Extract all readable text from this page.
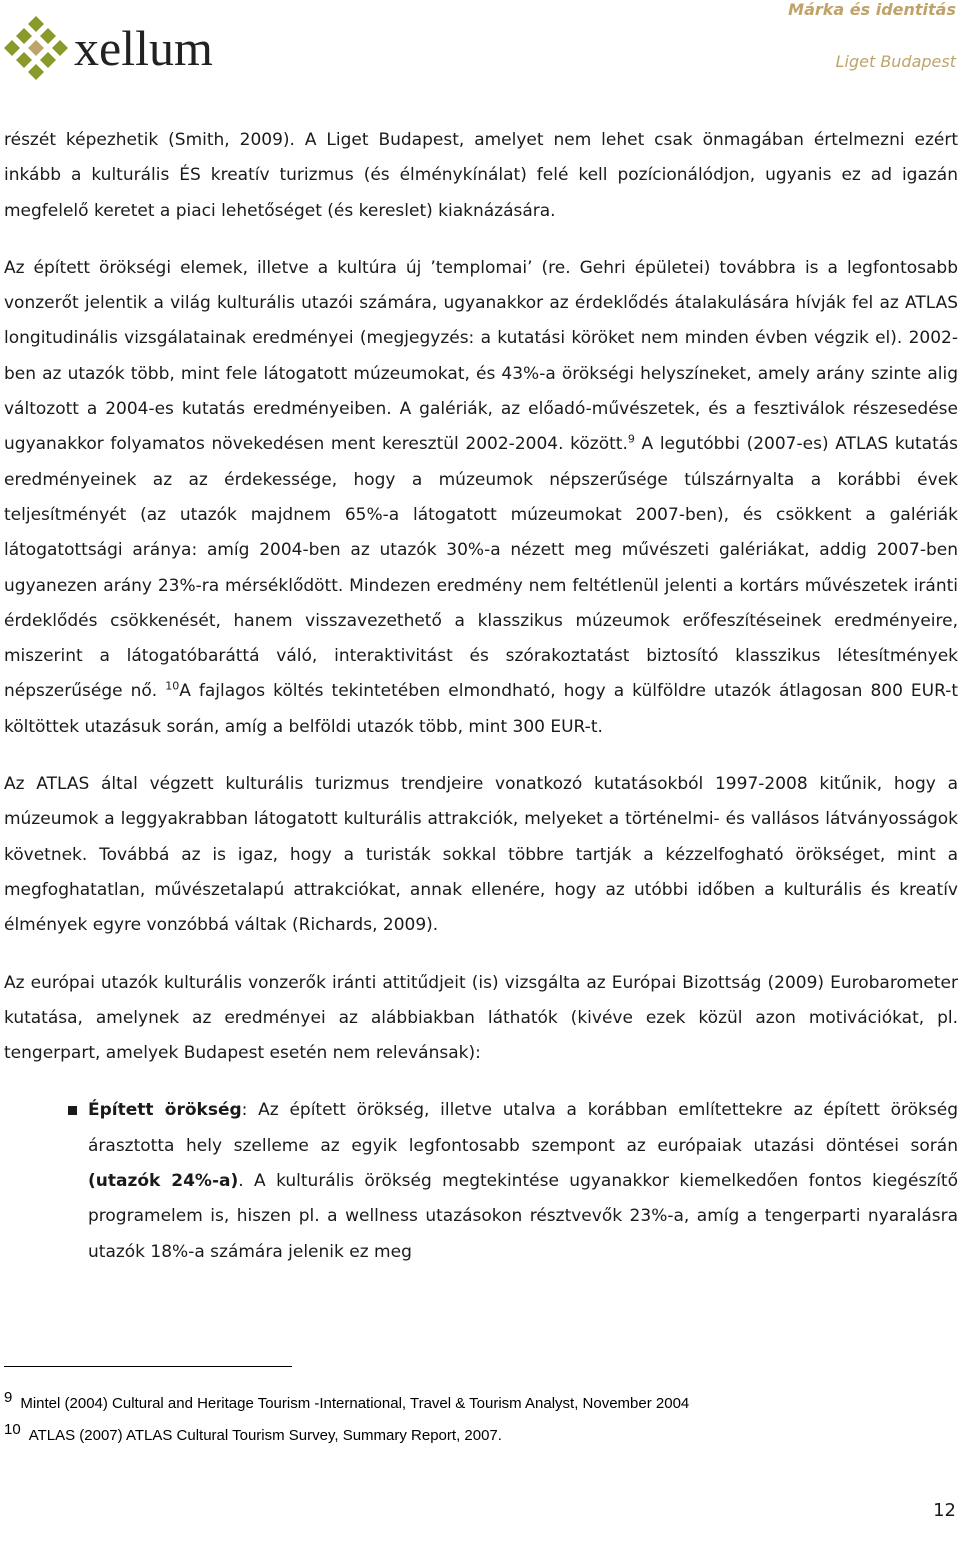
xellum
Márka és identitás
Liget Budapest

részét képezhetik (Smith, 2009). A Liget Budapest, amelyet nem lehet csak önmagában értelmezni ezért inkább a kulturális ÉS kreatív turizmus (és élménykínálat) felé kell pozícionálódjon, ugyanis ez ad igazán megfelelő keretet a piaci lehetőséget (és kereslet) kiaknázására.

Az épített örökségi elemek, illetve a kultúra új ’templomai’ (re. Gehri épületei) továbbra is a legfontosabb vonzerőt jelentik a világ kulturális utazói számára, ugyanakkor az érdeklődés átalakulására hívják fel az ATLAS longitudinális vizsgálatainak eredményei (megjegyzés: a kutatási köröket nem minden évben végzik el). 2002-ben az utazók több, mint fele látogatott múzeumokat, és 43%-a örökségi helyszíneket, amely arány szinte alig változott a 2004-es kutatás eredményeiben. A galériák, az előadó-művészetek, és a fesztiválok részesedése ugyanakkor folyamatos növekedésen ment keresztül 2002-2004. között.$^9$ A legutóbbi (2007-es) ATLAS kutatás eredményeinek az az érdekessége, hogy a múzeumok népszerűsége túlszárnyalta a korábbi évek teljesítményét (az utazók majdnem 65%-a látogatott múzeumokat 2007-ben), és csökkent a galériák látogatottsági aránya: amíg 2004-ben az utazók 30%-a nézett meg művészeti galériákat, addig 2007-ben ugyanezen arány 23%-ra mérséklődött. Mindezen eredmény nem feltétlenül jelenti a kortárs művészetek iránti érdeklődés csökkenését, hanem visszavezethető a klasszikus múzeumok erőfeszítéseinek eredményeire, miszerint a látogatóbaráttá váló, interaktivitást és szórakoztatást biztosító klasszikus létesítmények népszerűsége nő. $^{10}$A fajlagos költés tekintetében elmondható, hogy a külföldre utazók átlagosan 800 EUR-t költöttek utazásuk során, amíg a belföldi utazók több, mint 300 EUR-t.

Az ATLAS által végzett kulturális turizmus trendjeire vonatkozó kutatásokból 1997-2008 kitűnik, hogy a múzeumok a leggyakrabban látogatott kulturális attrakciók, melyeket a történelmi- és vallásos látványosságok követnek. Továbbá az is igaz, hogy a turisták sokkal többre tartják a kézzelfogható örökséget, mint a megfoghatatlan, művészetalapú attrakciókat, annak ellenére, hogy az utóbbi időben a kulturális és kreatív élmények egyre vonzóbbá váltak (Richards, 2009).

Az európai utazók kulturális vonzerők iránti attitűdjeit (is) vizsgálta az Európai Bizottság (2009) Eurobarometer kutatása, amelynek az eredményei az alábbiakban láthatók (kivéve ezek közül azon motivációkat, pl. tengerpart, amelyek Budapest esetén nem relevánsak):

Épített örökség: Az épített örökség, illetve utalva a korábban említettekre az épített örökség árasztotta hely szelleme az egyik legfontosabb szempont az európaiak utazási döntései során (utazók 24%-a). A kulturális örökség megtekintése ugyanakkor kiemelkedően fontos kiegészítő programelem is, hiszen pl. a wellness utazásokon résztvevők 23%-a, amíg a tengerparti nyaralásra utazók 18%-a számára jelenik ez meg

$^9$ Mintel (2004) Cultural and Heritage Tourism -International, Travel & Tourism Analyst, November 2004
$^{10}$ ATLAS (2007) ATLAS Cultural Tourism Survey, Summary Report, 2007.
12
